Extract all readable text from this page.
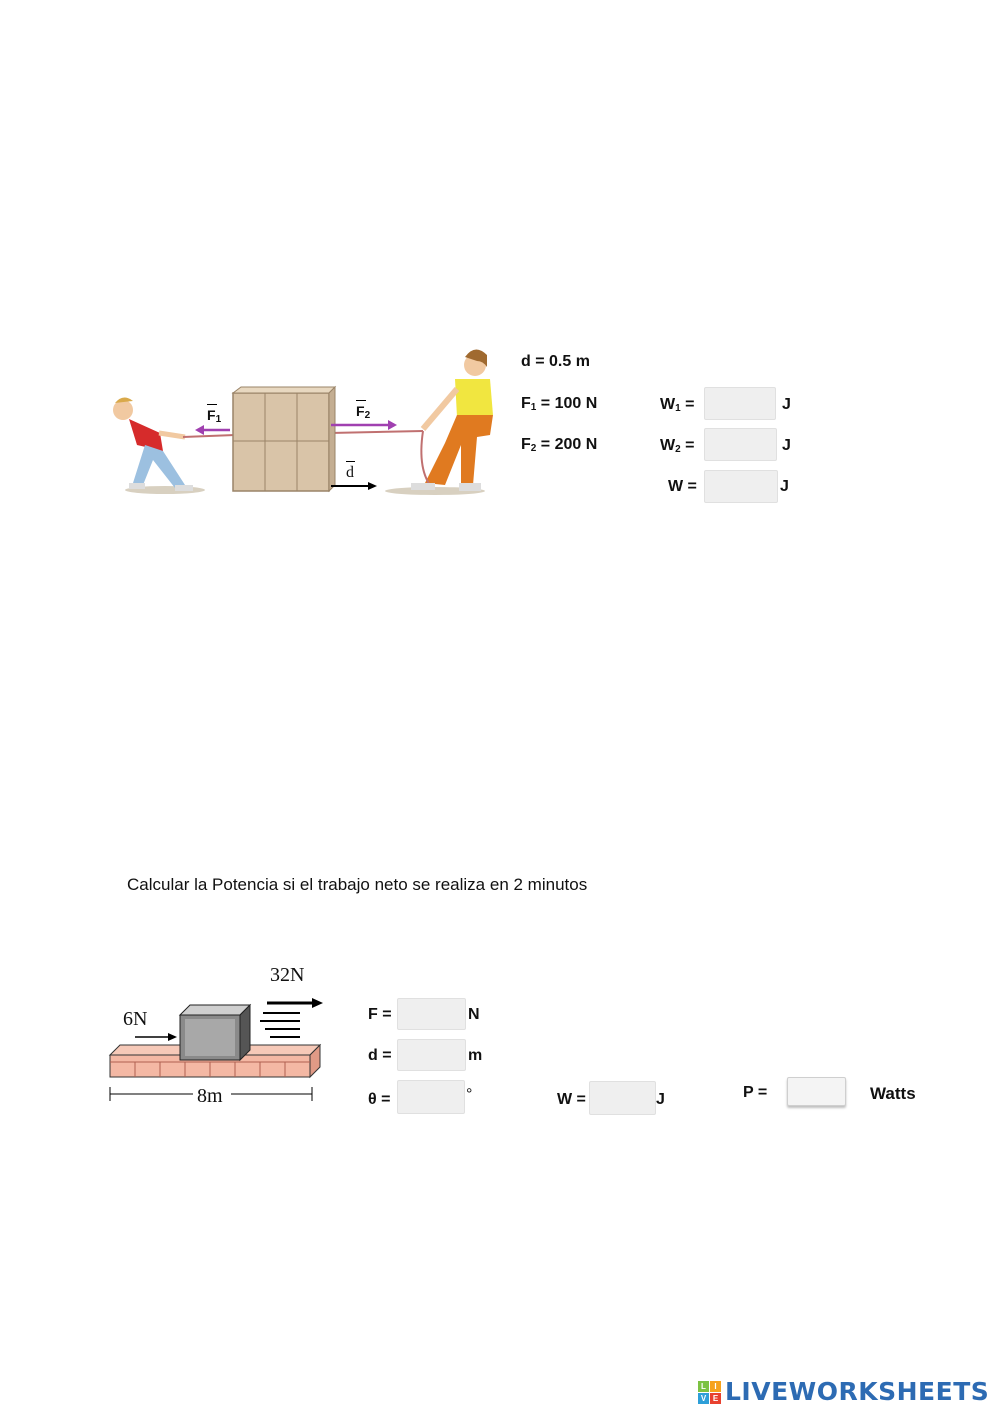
$F_1$
$F_2$
d
d = 0.5 m
$F_1 = 100$ N
$F_2 = 200$ N
$W_1$ =	J
$W_2$ =	J
W =	J
Calcular la Potencia si el trabajo neto se realiza en 2 minutos
32N
6N
8m
F =	N
d =	m
θ =	°	W =	J	P =	Watts
L	I
V E LIVEWORKSHEETS
